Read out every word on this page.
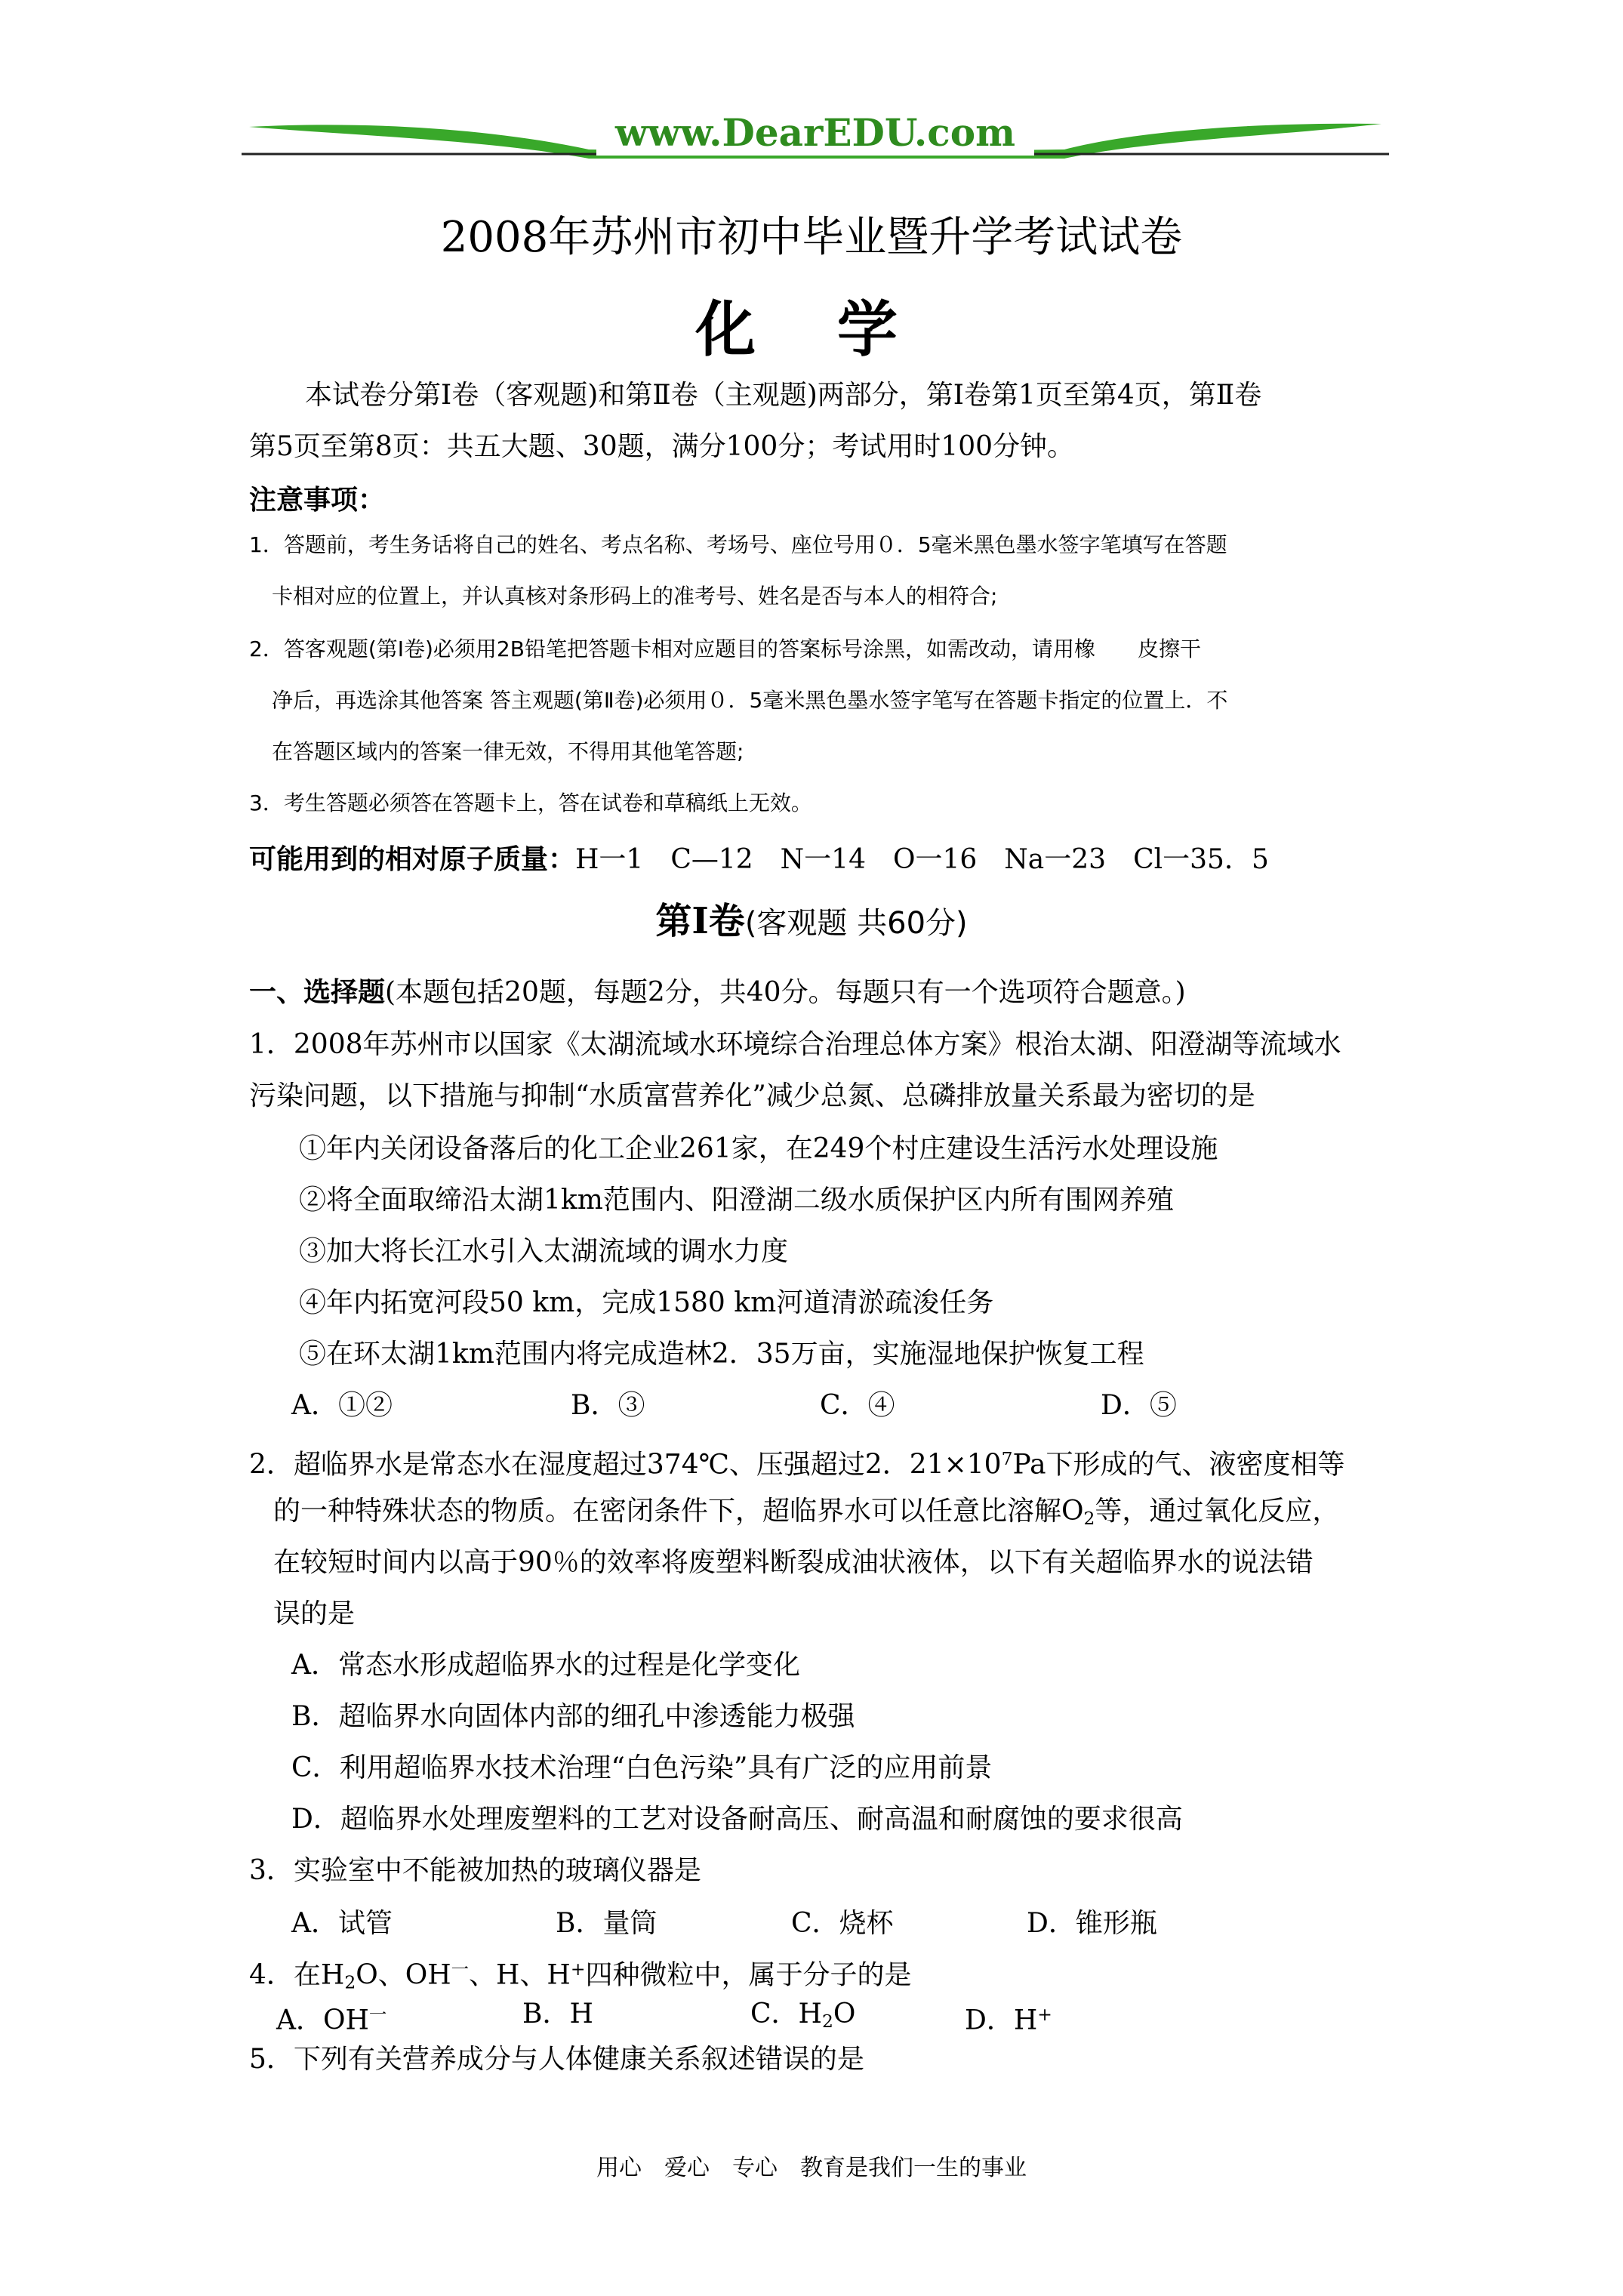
www.DearEDU.com
2008年苏州市初中毕业暨升学考试试卷
化 学
本试卷分第Ⅰ卷（客观题)和第Ⅱ卷（主观题)两部分，第Ⅰ卷第1页至第4页，第Ⅱ卷
第5页至第8页：共五大题、30题，满分100分；考试用时100分钟。
注意事项：
1．答题前，考生务话将自己的姓名、考点名称、考场号、座位号用０．5毫米黑色墨水签字笔填写在答题
卡相对应的位置上，并认真核对条形码上的准考号、姓名是否与本人的相符合;
2．答客观题(第Ⅰ卷)必须用2B铅笔把答题卡相对应题目的答案标号涂黑，如需改动，请用橡　　皮擦干
净后，再选涂其他答案 答主观题(第Ⅱ卷)必须用０．5毫米黑色墨水签字笔写在答题卡指定的位置上．不
在答题区域内的答案一律无效，不得用其他笔答题;
3．考生答题必须答在答题卡上，答在试卷和草稿纸上无效。
可能用到的相对原子质量：H一1　C—12　N一14　O一16　Na一23　Cl一35．5
第Ⅰ卷(客观题 共60分)
一、选择题(本题包括20题，每题2分，共40分。每题只有一个选项符合题意。)
1．2008年苏州市以国家《太湖流域水环境综合治理总体方案》根治太湖、阳澄湖等流域水
污染问题，以下措施与抑制“水质富营养化”减少总氮、总磷排放量关系最为密切的是
①年内关闭设备落后的化工企业261家，在249个村庄建设生活污水处理设施
②将全面取缔沿太湖1km范围内、阳澄湖二级水质保护区内所有围网养殖
③加大将长江水引入太湖流域的调水力度
④年内拓宽河段50 km，完成1580 km河道清淤疏浚任务
⑤在环太湖1km范围内将完成造林2．35万亩，实施湿地保护恢复工程
A．①②	B．③	C．④	D．⑤
2．超临界水是常态水在湿度超过374℃、压强超过2．$21\times 10^7Pa$下形成的气、液密度相等
的一种特殊状态的物质。在密闭条件下，超临界水可以任意比溶解$O_2$等，通过氧化反应，
在较短时间内以高于90％的效率将废塑料断裂成油状液体，以下有关超临界水的说法错
误的是
A．常态水形成超临界水的过程是化学变化
B．超临界水向固体内部的细孔中渗透能力极强
C．利用超临界水技术治理“白色污染”具有广泛的应用前景
D．超临界水处理废塑料的工艺对设备耐高压、耐高温和耐腐蚀的要求很高
3．实验室中不能被加热的玻璃仪器是
A．试管	B．量筒	C．烧杯	D．锥形瓶
4．在$H_2O$、$OH^一$、H、H+四种微粒中，属于分子的是
A．$OH^一$	B．H	C．$H_2O$	D．H+
5．下列有关营养成分与人体健康关系叙述错误的是
用心　爱心　专心　教育是我们一生的事业
